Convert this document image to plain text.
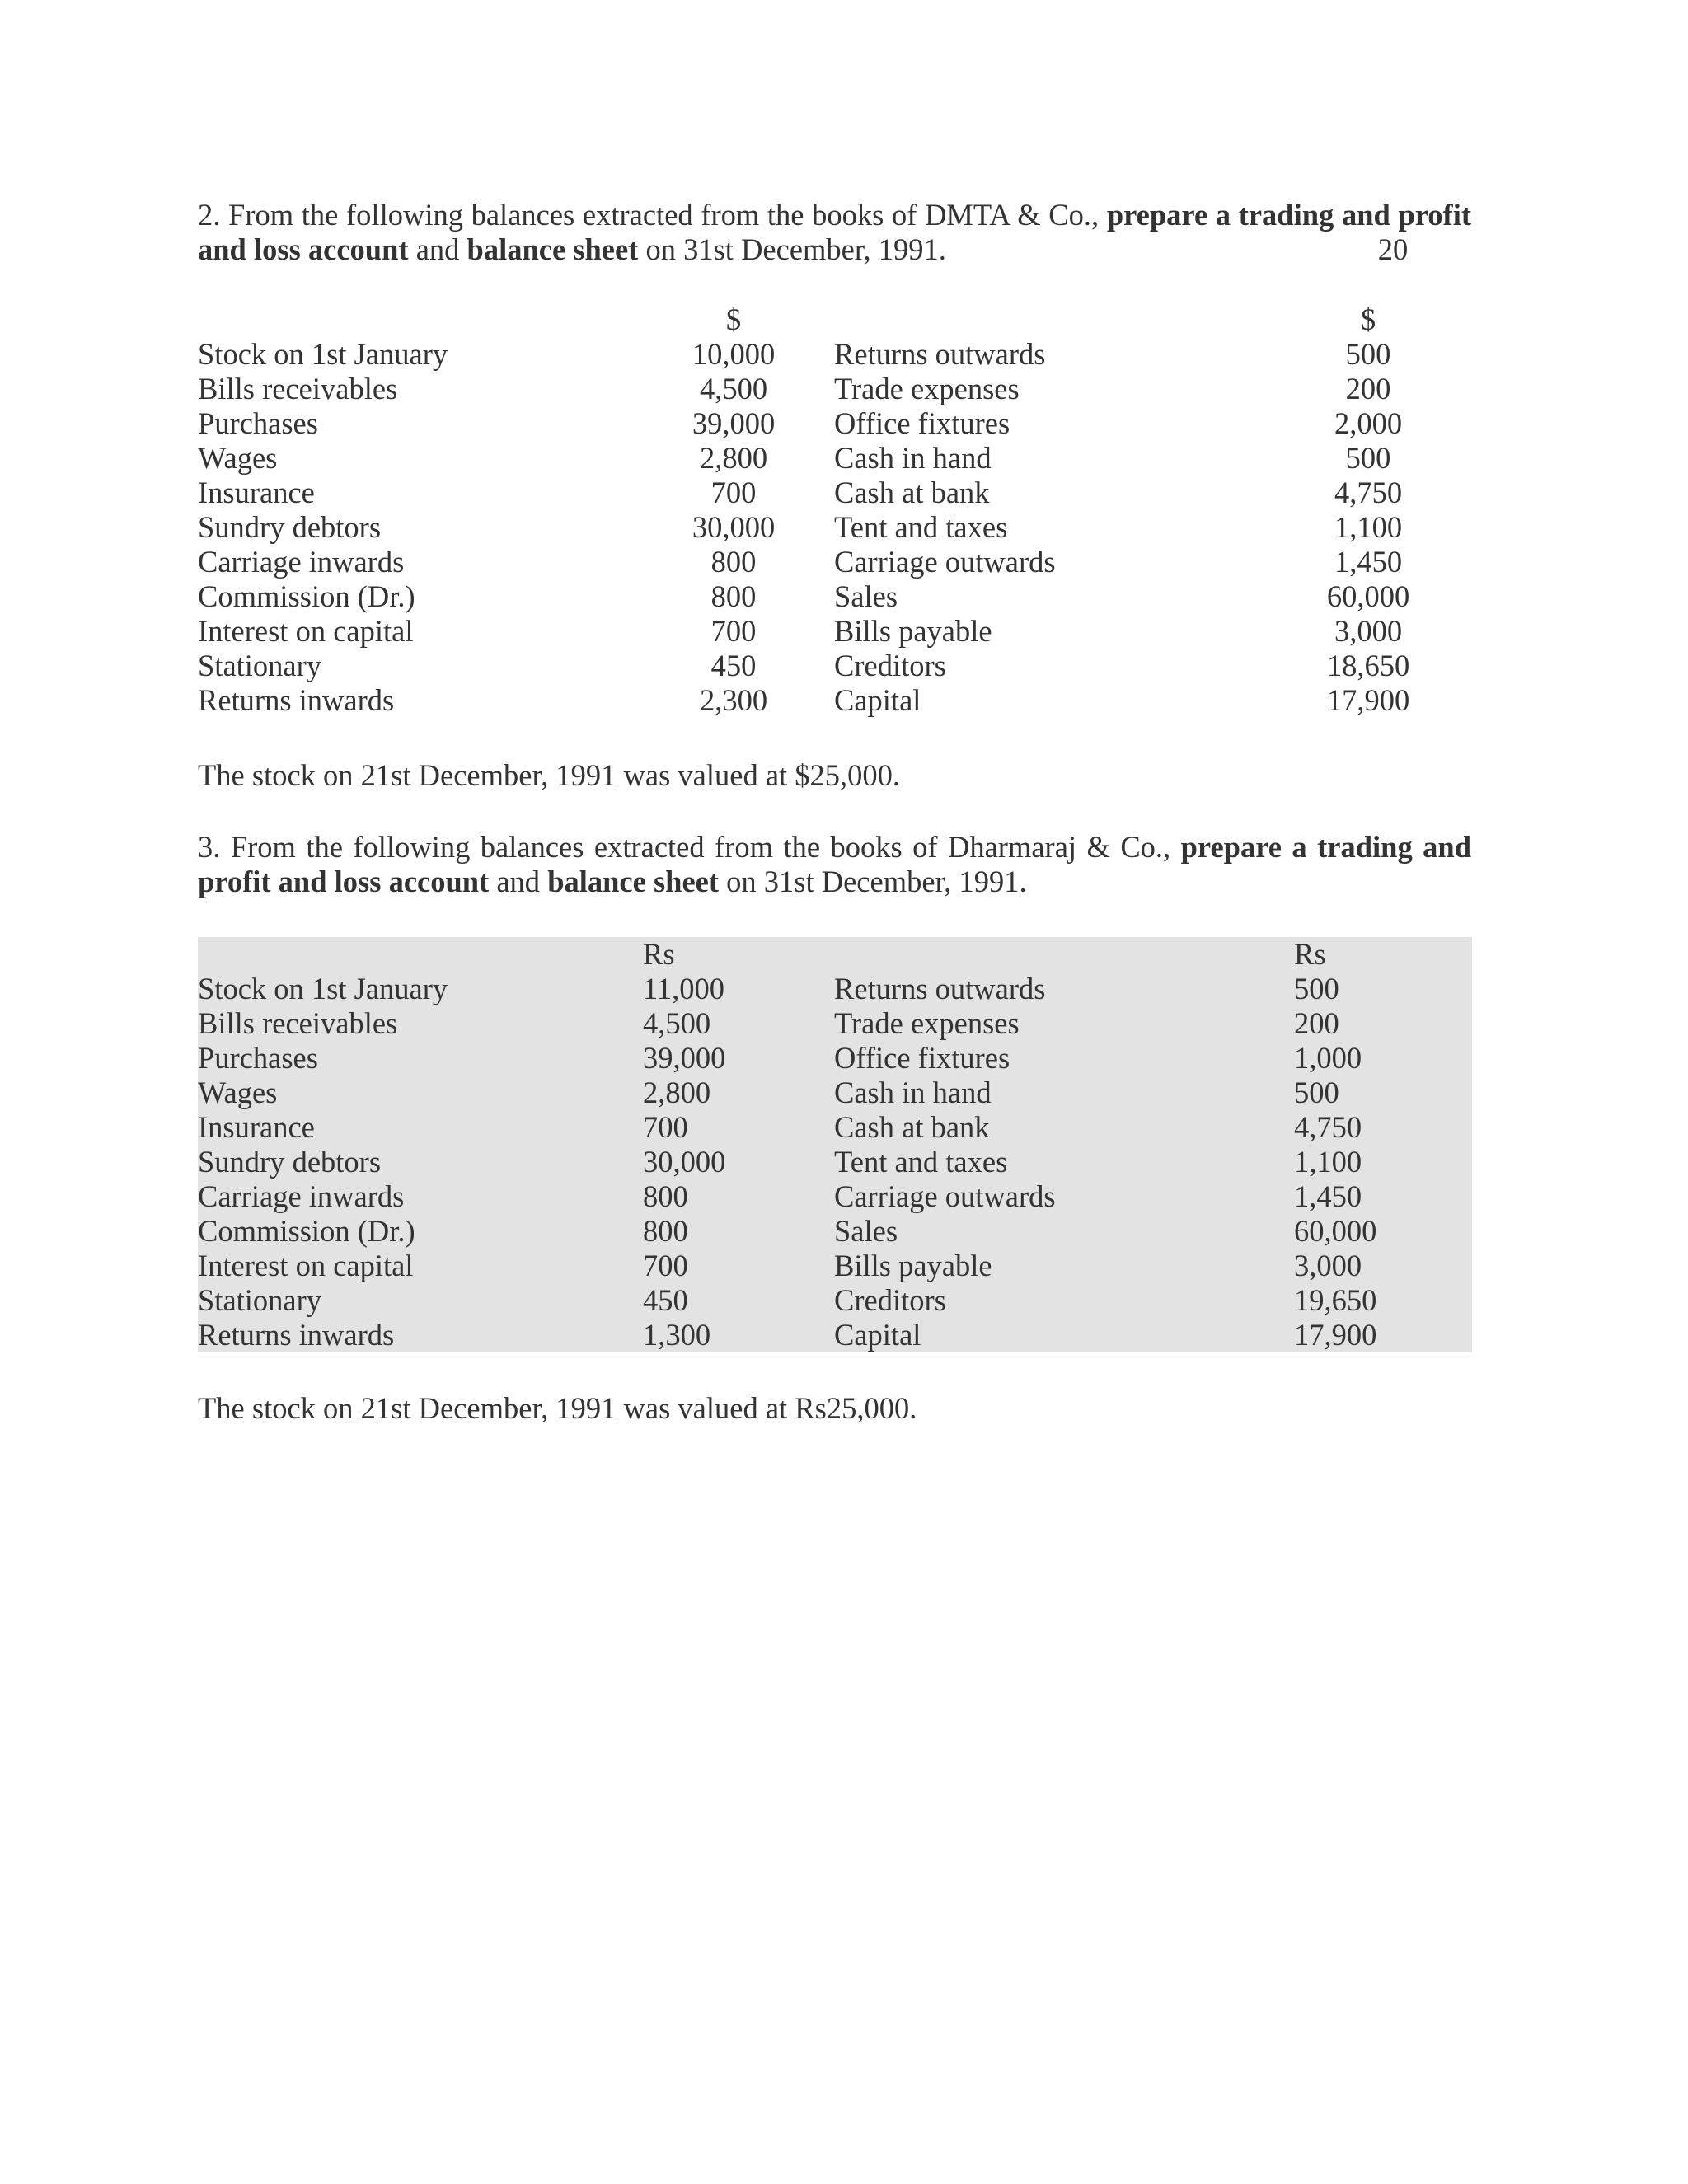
2. From the following balances extracted from the books of DMTA & Co., prepare a trading and profit
and loss account and balance sheet on 31st December, 1991.	20
$	$
Stock on 1st January	10,000	Returns outwards	500
Bills receivables	4,500	Trade expenses	200
Purchases	39,000	Office fixtures	2,000
Wages	2,800	Cash in hand	500
Insurance	700	Cash at bank	4,750
Sundry debtors	30,000	Tent and taxes	1,100
Carriage inwards	800	Carriage outwards	1,450
Commission (Dr.)	800	Sales	60,000
Interest on capital	700	Bills payable	3,000
Stationary	450	Creditors	18,650
Returns inwards	2,300	Capital	17,900

The stock on 21st December, 1991 was valued at $25,000.

3. From the following balances extracted from the books of Dharmaraj & Co., prepare a trading and
profit and loss account and balance sheet on 31st December, 1991.

Rs	Rs
Stock on 1st January	11,000	Returns outwards	500
Bills receivables	4,500	Trade expenses	200
Purchases	39,000	Office fixtures	1,000
Wages	2,800	Cash in hand	500
Insurance	700	Cash at bank	4,750
Sundry debtors	30,000	Tent and taxes	1,100
Carriage inwards	800	Carriage outwards	1,450
Commission (Dr.)	800	Sales	60,000
Interest on capital	700	Bills payable	3,000
Stationary	450	Creditors	19,650
Returns inwards	1,300	Capital	17,900

The stock on 21st December, 1991 was valued at Rs25,000.
